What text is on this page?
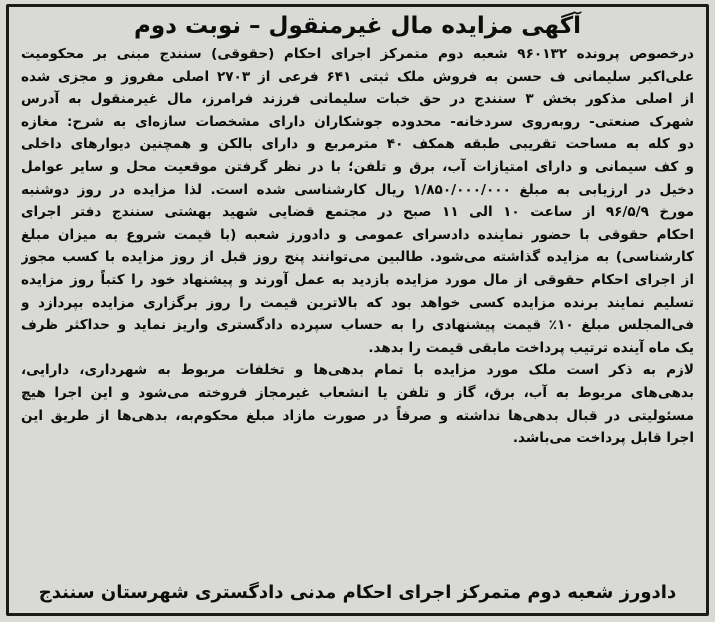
آگهی مزایده مال غیرمنقول – نوبت دوم
درخصوص پرونده ۹۶۰۱۳۲ شعبه دوم متمرکز اجرای احکام (حقوقی) سنندج مبنی بر محکومیت
علی‌اکبر سلیمانی ف حسن به فروش ملک ثبتی ۶۴۱ فرعی از ۲۷۰۳ اصلی مفروز و مجزی شده
از اصلی مذکور بخش ۳ سنندج در حق خبات سلیمانی فرزند فرامرز، مال غیرمنقول به آدرس
شهرک صنعتی- روبه‌روی سردخانه- محدوده جوشکاران دارای مشخصات سازه‌ای به شرح: مغازه
دو کله به مساحت تقریبی طبقه همکف ۴۰ مترمربع و دارای بالکن و همچنین دیوارهای داخلی
و کف سیمانی و دارای امتیازات آب، برق و تلفن؛ با در نظر گرفتن موقعیت محل و سایر عوامل
دخیل در ارزیابی به مبلغ ۱/۸۵۰/۰۰۰/۰۰۰ ریال کارشناسی شده است. لذا مزایده در روز دوشنبه
مورخ ۹۶/۵/۹ از ساعت ۱۰ الی ۱۱ صبح در مجتمع قضایی شهید بهشتی سنندج دفتر اجرای
احکام حقوقی با حضور نماینده دادسرای عمومی و دادورز شعبه (با قیمت شروع به میزان مبلغ
کارشناسی) به مزایده گذاشته می‌شود. طالبین می‌توانند پنج روز قبل از روز مزایده با کسب مجوز
از اجرای احکام حقوقی از مال مورد مزایده بازدید به عمل آورند و پیشنهاد خود را کتباً روز مزایده
تسلیم نمایند برنده مزایده کسی خواهد بود که بالاترین قیمت را روز برگزاری مزایده بپردازد و
فی‌المجلس مبلغ ۱۰٪ قیمت پیشنهادی را به حساب سپرده دادگستری واریز نماید و حداکثر ظرف
یک ماه آینده ترتیب پرداخت مابقی قیمت را بدهد.
لازم به ذکر است ملک مورد مزایده با تمام بدهی‌ها و تخلفات مربوط به شهرداری، دارایی،
بدهی‌های مربوط به آب، برق، گاز و تلفن یا انشعاب غیرمجاز فروخته می‌شود و این اجرا هیچ
مسئولیتی در قبال بدهی‌ها نداشته و صرفاً در صورت مازاد مبلغ محکوم‌به، بدهی‌ها از طریق این
اجرا قابل پرداخت می‌باشد.
دادورز شعبه دوم متمرکز اجرای احکام مدنی دادگستری شهرستان سنندج
